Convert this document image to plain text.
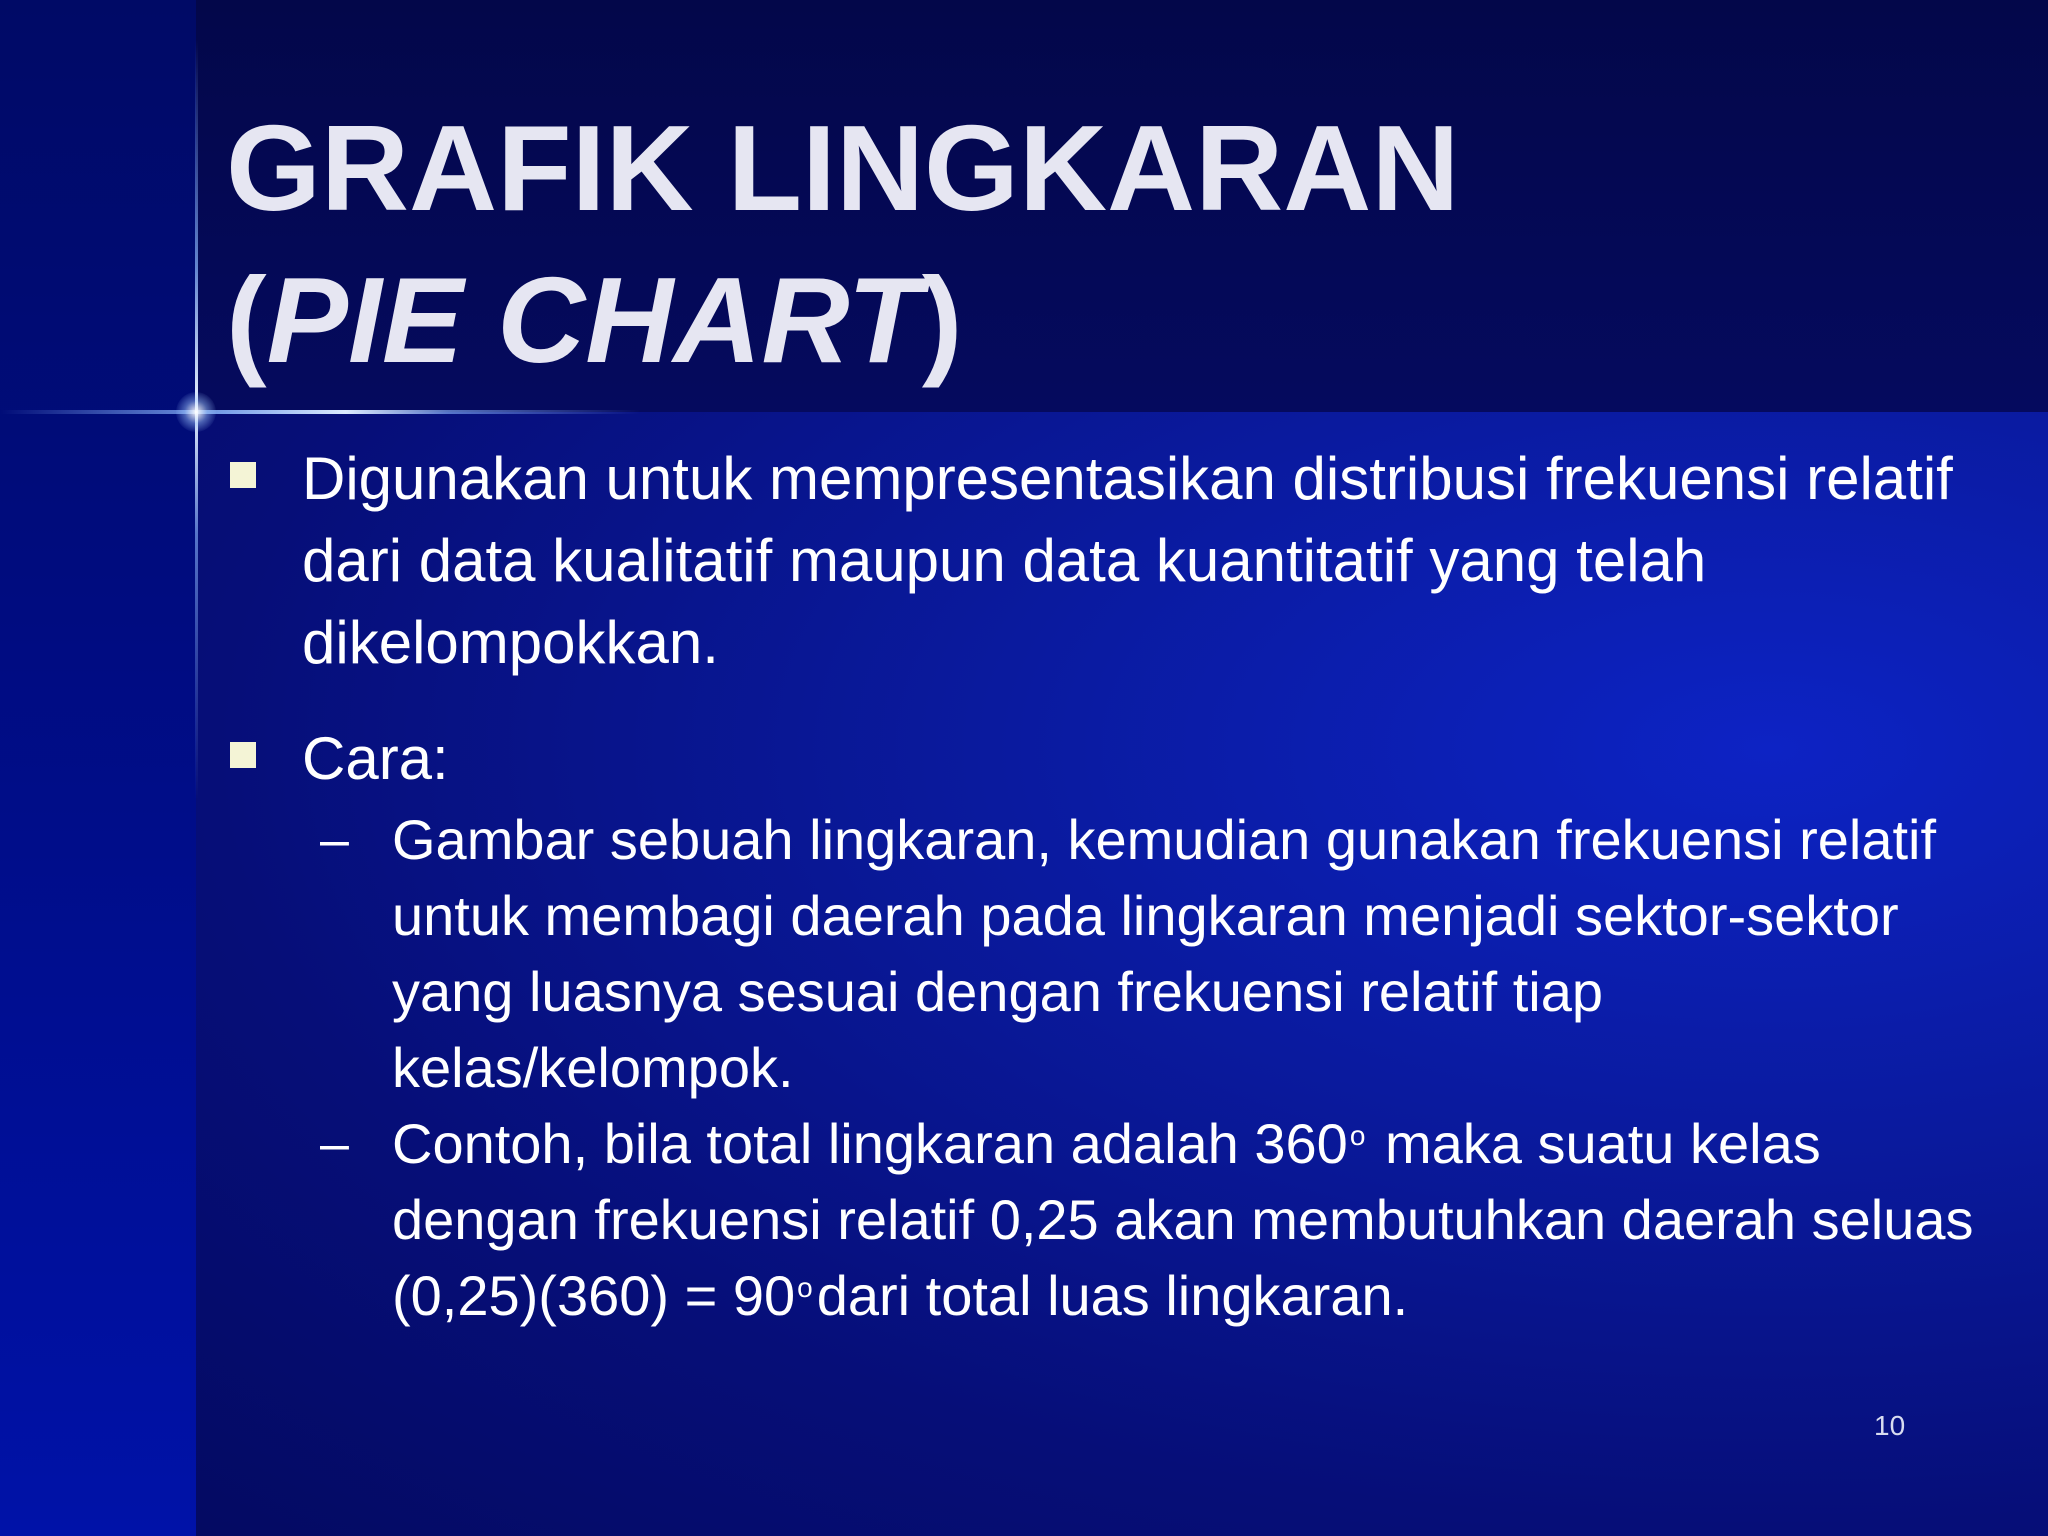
GRAFIK LINGKARAN
(PIE CHART)
Digunakan untuk mempresentasikan distribusi frekuensi relatif dari data kualitatif maupun data kuantitatif yang telah dikelompokkan.
Cara:
– Gambar sebuah lingkaran, kemudian gunakan frekuensi relatif untuk membagi daerah pada lingkaran menjadi sektor-sektor yang luasnya sesuai dengan frekuensi relatif tiap kelas/kelompok.
– Contoh, bila total lingkaran adalah 360$^o$ maka suatu kelas dengan frekuensi relatif 0,25 akan membutuhkan daerah seluas $(0,25)(360) = 90^odari$ total luas lingkaran.
10
